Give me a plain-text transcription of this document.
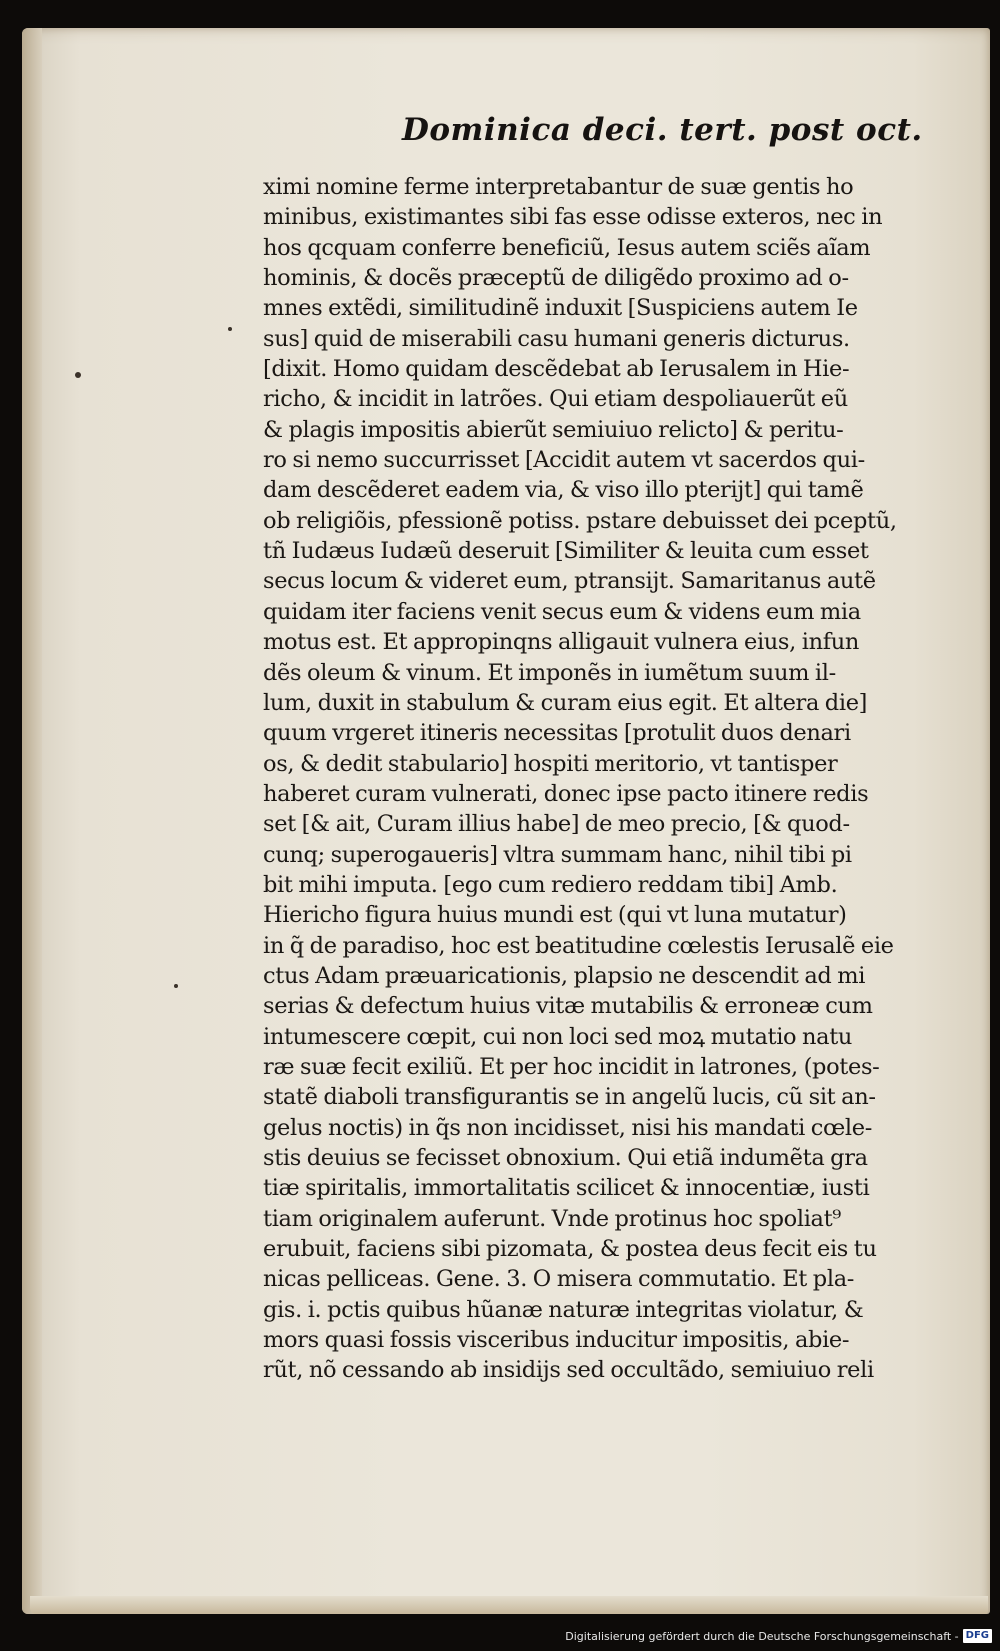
Dominica deci. tert. post oct.
ximi nomine ferme interpretabantur de suæ gentis ho
minibus, existimantes sibi fas esse odisse exteros, nec in
hos qcquam conferre beneficiũ, Iesus autem sciẽs aĩam
hominis, & docẽs præceptũ de diligẽdo proximo ad o-
mnes extẽdi, similitudinẽ induxit [Suspiciens autem Ie
sus] quid de miserabili casu humani generis dicturus.
[dixit. Homo quidam descẽdebat ab Ierusalem in Hie-
richo, & incidit in latrões. Qui etiam despoliauerũt eũ
& plagis impositis abierũt semiuiuo relicto] & peritu-
ro si nemo succurrisset [Accidit autem vt sacerdos qui-
dam descẽderet eadem via, & viso illo pterijt] qui tamẽ
ob religiõis, pfessionẽ potiss. pstare debuisset dei pceptũ,
tñ Iudæus Iudæũ deseruit [Similiter & leuita cum esset
secus locum & videret eum, ptransijt. Samaritanus autẽ
quidam iter faciens venit secus eum & videns eum mia
motus est. Et appropinqns alligauit vulnera eius, infun
dẽs oleum & vinum. Et imponẽs in iumẽtum suum il-
lum, duxit in stabulum & curam eius egit. Et altera die]
quum vrgeret itineris necessitas [protulit duos denari
os, & dedit stabulario] hospiti meritorio, vt tantisper
haberet curam vulnerati, donec ipse pacto itinere redis
set [& ait, Curam illius habe] de meo precio, [& quod-
cunq; superogaueris] vltra summam hanc, nihil tibi pi
bit mihi imputa. [ego cum rediero reddam tibi] Amb.
Hiericho figura huius mundi est (qui vt luna mutatur)
in q̃ de paradiso, hoc est beatitudine cœlestis Ierusalẽ eie
ctus Adam præuaricationis, plapsio ne descendit ad mi
serias & defectum huius vitæ mutabilis & erroneæ cum
intumescere cœpit, cui non loci sed moꝝ mutatio natu
ræ suæ fecit exiliũ. Et per hoc incidit in latrones, (potes-
statẽ diaboli transfigurantis se in angelũ lucis, cũ sit an-
gelus noctis) in q̃s non incidisset, nisi his mandati cœle-
stis deuius se fecisset obnoxium. Qui etiã indumẽta gra
tiæ spiritalis, immortalitatis scilicet & innocentiæ, iusti
tiam originalem auferunt. Vnde protinus hoc spoliat⁹
erubuit, faciens sibi pizomata, & postea deus fecit eis tu
nicas pelliceas. Gene. 3. O misera commutatio. Et pla-
gis. i. pctis quibus hũanæ naturæ integritas violatur, &
mors quasi fossis visceribus inducitur impositis, abie-
rũt, nõ cessando ab insidijs sed occultãdo, semiuiuo reli
Digitalisierung gefördert durch die Deutsche Forschungsgemeinschaft - DFG
